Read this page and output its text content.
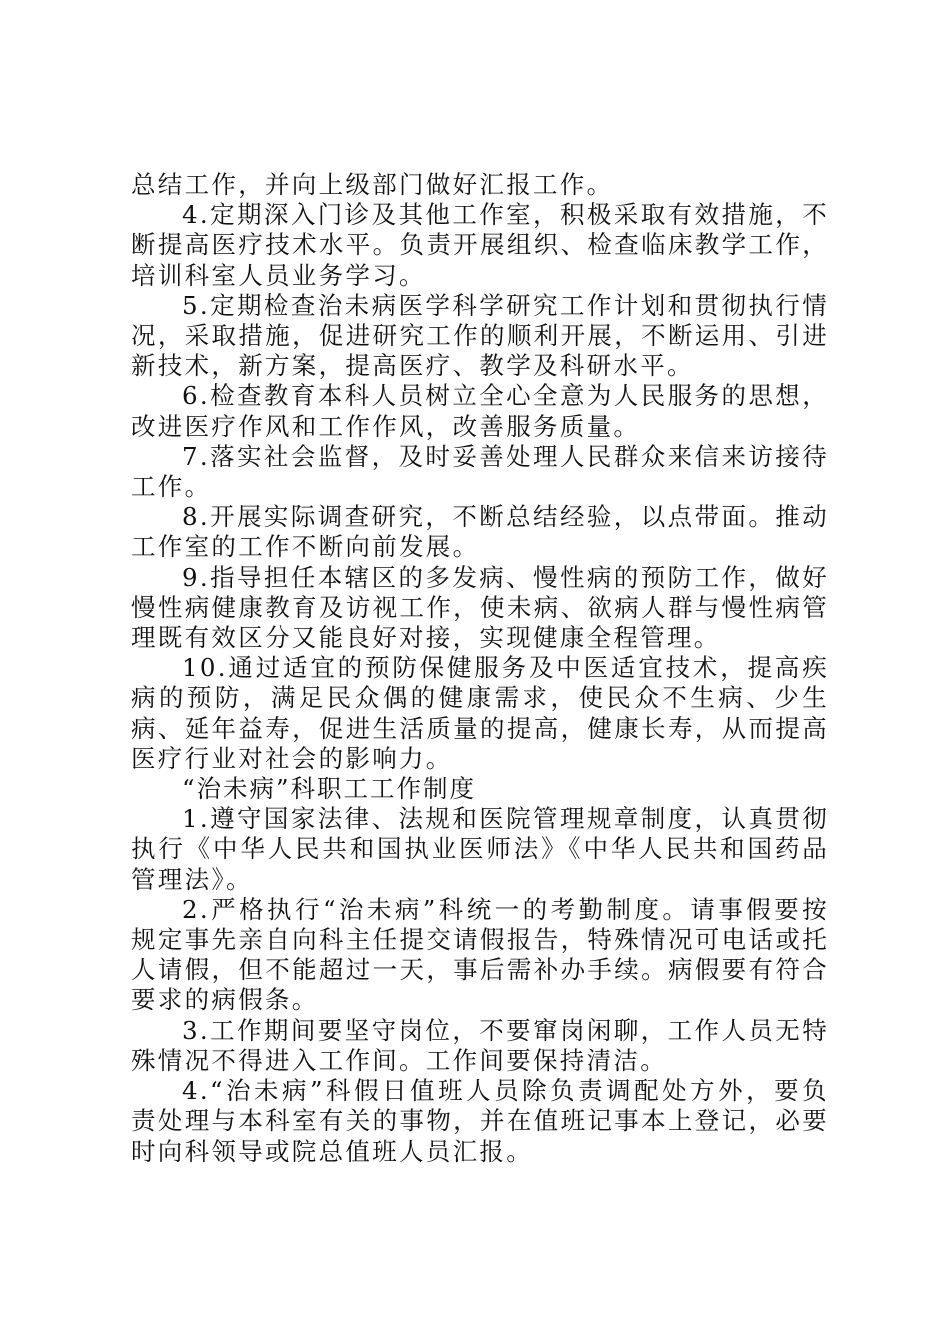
总结工作，并向上级部门做好汇报工作。

4.定期深入门诊及其他工作室，积极采取有效措施，不断提高医疗技术水平。负责开展组织、检查临床教学工作，培训科室人员业务学习。

5.定期检查治未病医学科学研究工作计划和贯彻执行情况，采取措施，促进研究工作的顺利开展，不断运用、引进新技术，新方案，提高医疗、教学及科研水平。

6.检查教育本科人员树立全心全意为人民服务的思想，改进医疗作风和工作作风，改善服务质量。

7.落实社会监督，及时妥善处理人民群众来信来访接待工作。

8.开展实际调查研究，不断总结经验，以点带面。推动工作室的工作不断向前发展。

9.指导担任本辖区的多发病、慢性病的预防工作，做好慢性病健康教育及访视工作，使未病、欲病人群与慢性病管理既有效区分又能良好对接，实现健康全程管理。

10.通过适宜的预防保健服务及中医适宜技术，提高疾病的预防，满足民众偶的健康需求，使民众不生病、少生病、延年益寿，促进生活质量的提高，健康长寿，从而提高医疗行业对社会的影响力。

“治未病”科职工工作制度

1.遵守国家法律、法规和医院管理规章制度，认真贯彻执行《中华人民共和国执业医师法》《中华人民共和国药品管理法》。

2.严格执行“治未病”科统一的考勤制度。请事假要按规定事先亲自向科主任提交请假报告，特殊情况可电话或托人请假，但不能超过一天，事后需补办手续。病假要有符合要求的病假条。

3.工作期间要坚守岗位，不要窜岗闲聊，工作人员无特殊情况不得进入工作间。工作间要保持清洁。

4.“治未病”科假日值班人员除负责调配处方外，要负责处理与本科室有关的事物，并在值班记事本上登记，必要时向科领导或院总值班人员汇报。
